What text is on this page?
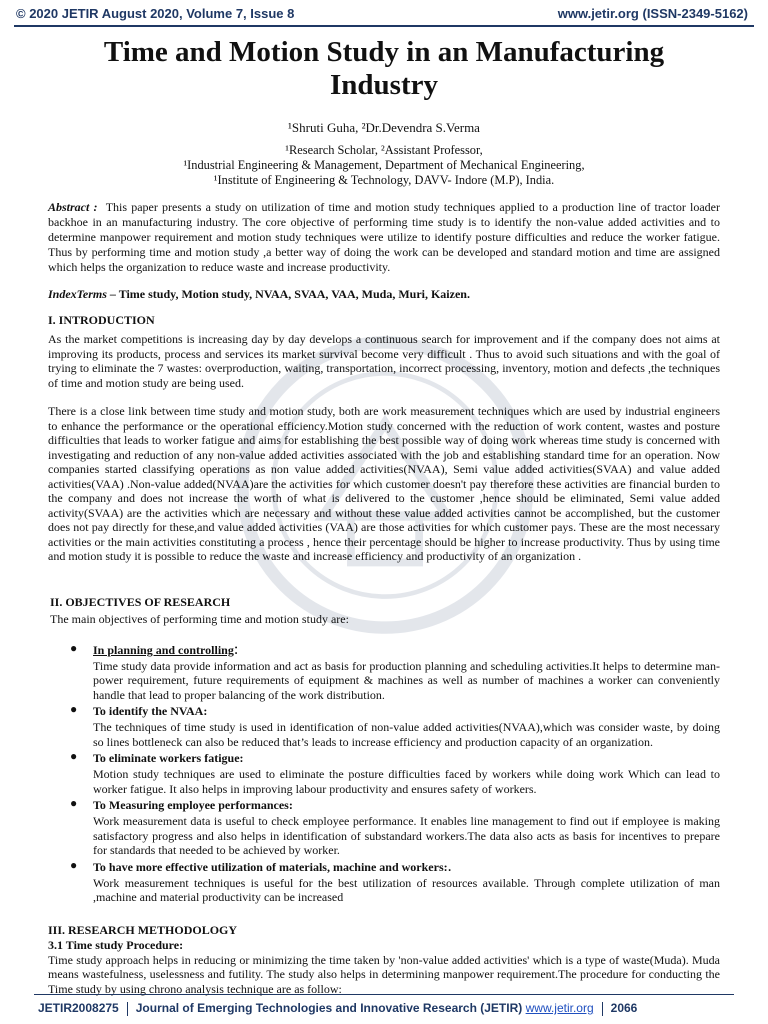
© 2020 JETIR August 2020, Volume 7, Issue 8	www.jetir.org (ISSN-2349-5162)
Time and Motion Study in an Manufacturing
Industry
¹Shruti Guha, ²Dr.Devendra S.Verma
¹Research Scholar, ²Assistant Professor,
¹Industrial Engineering & Management, Department of Mechanical Engineering,
¹Institute of Engineering & Technology, DAVV- Indore (M.P), India.
Abstract : This paper presents a study on utilization of time and motion study techniques applied to a production line of tractor loader backhoe in an manufacturing industry. The core objective of performing time study is to identify the non-value added activities and to determine manpower requirement and motion study techniques were utilize to identify posture difficulties and reduce the worker fatigue. Thus by performing time and motion study ,a better way of doing the work can be developed and standard motion and time are assigned which helps the organization to reduce waste and increase productivity.
IndexTerms – Time study, Motion study, NVAA, SVAA, VAA, Muda, Muri, Kaizen.
I. INTRODUCTION
As the market competitions is increasing day by day develops a continuous search for improvement and if the company does not aims at improving its products, process and services its market survival become very difficult . Thus to avoid such situations and with the goal of trying to eliminate the 7 wastes: overproduction, waiting, transportation, incorrect processing, inventory, motion and defects ,the techniques of time and motion study are being used.
There is a close link between time study and motion study, both are work measurement techniques which are used by industrial engineers to enhance the performance or the operational efficiency.Motion study concerned with the reduction of work content, wastes and posture difficulties that leads to worker fatigue and aims for establishing the best possible way of doing work whereas time study is concerned with investigating and reduction of any non-value added activities associated with the job and establishing standard time for an operation. Now companies started classifying operations as non value added activities(NVAA), Semi value added activities(SVAA) and value added activities(VAA) .Non-value added(NVAA)are the activities for which customer doesn't pay therefore these activities are financial burden to the company and does not increase the worth of what is delivered to the customer ,hence should be eliminated, Semi value added activity(SVAA) are the activities which are necessary and without these value added activities cannot be accomplished, but the customer does not pay directly for these,and value added activities (VAA) are those activities for which customer pays. These are the most necessary activities or the main activities constituting a process , hence their percentage should be higher to increase productivity. Thus by using time and motion study it is possible to reduce the waste and increase efficiency and productivity of an organization .
II. OBJECTIVES OF RESEARCH
The main objectives of performing time and motion study are:
● In planning and controlling:
Time study data provide information and act as basis for production planning and scheduling activities.It helps to determine man-power requirement, future requirements of equipment & machines as well as number of machines a worker can conveniently handle that lead to proper balancing of the work distribution.
● To identify the NVAA:
The techniques of time study is used in identification of non-value added activities(NVAA),which was consider waste, by doing so lines bottleneck can also be reduced that’s leads to increase efficiency and production capacity of an organization.
● To eliminate workers fatigue:
Motion study techniques are used to eliminate the posture difficulties faced by workers while doing work Which can lead to worker fatigue. It also helps in improving labour productivity and ensures safety of workers.
● To Measuring employee performances:
Work measurement data is useful to check employee performance. It enables line management to find out if employee is making satisfactory progress and also helps in identification of substandard workers.The data also acts as basis for incentives to prepare for standards that needed to be achieved by worker.
● To have more effective utilization of materials, machine and workers:.
Work measurement techniques is useful for the best utilization of resources available. Through complete utilization of man ,machine and material productivity can be increased
III. RESEARCH METHODOLOGY
3.1 Time study Procedure:
Time study approach helps in reducing or minimizing the time taken by 'non-value added activities' which is a type of waste(Muda). Muda means wastefulness, uselessness and futility. The study also helps in determining manpower requirement.The procedure for conducting the Time study by using chrono analysis technique are as follow:
JETIR2008275 Journal of Emerging Technologies and Innovative Research (JETIR) www.jetir.org 2066
